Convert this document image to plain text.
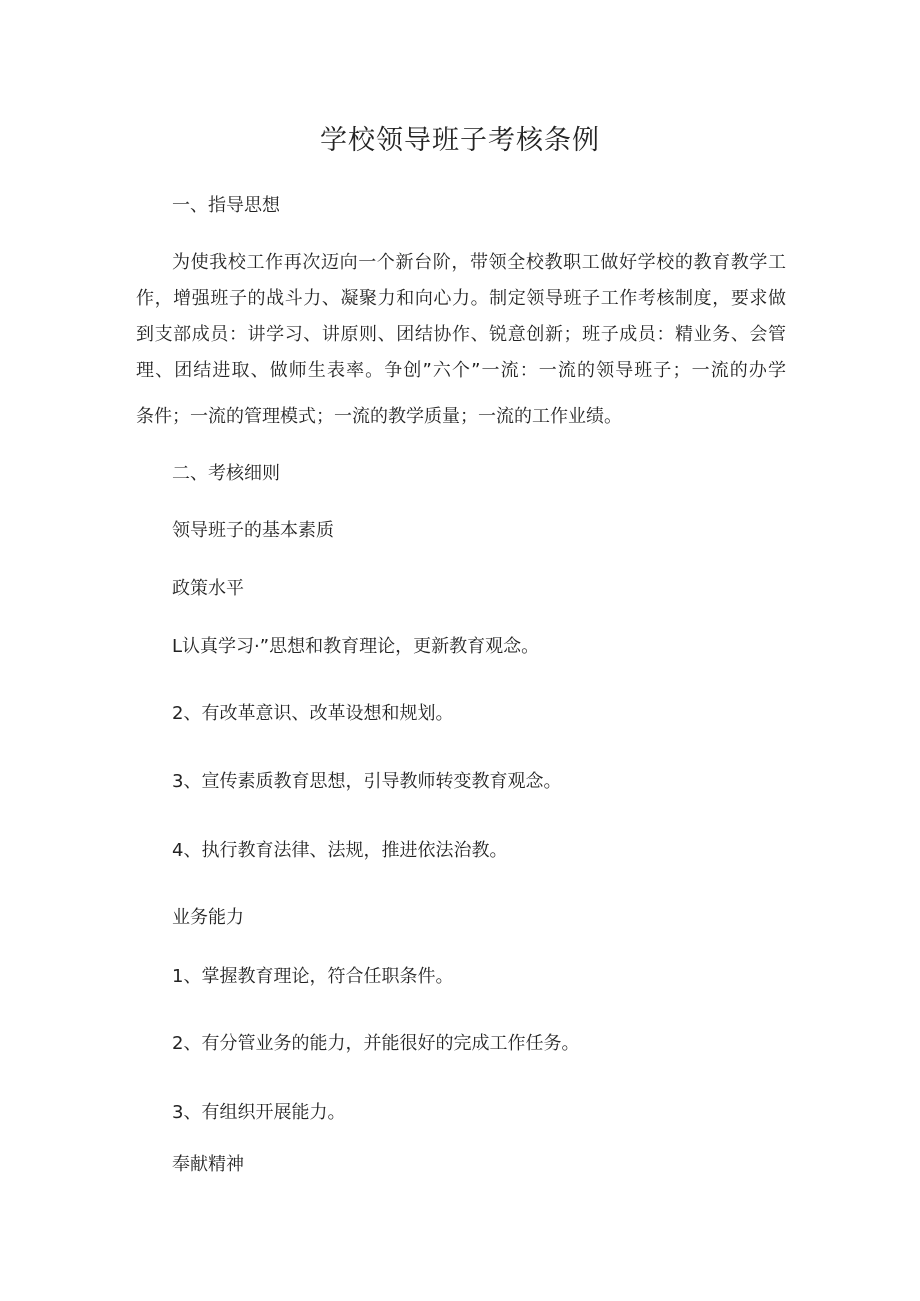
学校领导班子考核条例
一、指导思想
为使我校工作再次迈向一个新台阶，带领全校教职工做好学校的教育教学工
作，增强班子的战斗力、凝聚力和向心力。制定领导班子工作考核制度，要求做
到支部成员：讲学习、讲原则、团结协作、锐意创新；班子成员：精业务、会管
理、团结进取、做师生表率。争创”六个”一流：一流的领导班子；一流的办学
条件；一流的管理模式；一流的教学质量；一流的工作业绩。
二、考核细则
领导班子的基本素质
政策水平
L认真学习·”思想和教育理论，更新教育观念。
2、有改革意识、改革设想和规划。
3、宣传素质教育思想，引导教师转变教育观念。
4、执行教育法律、法规，推进依法治教。
业务能力
1、掌握教育理论，符合任职条件。
2、有分管业务的能力，并能很好的完成工作任务。
3、有组织开展能力。
奉献精神
